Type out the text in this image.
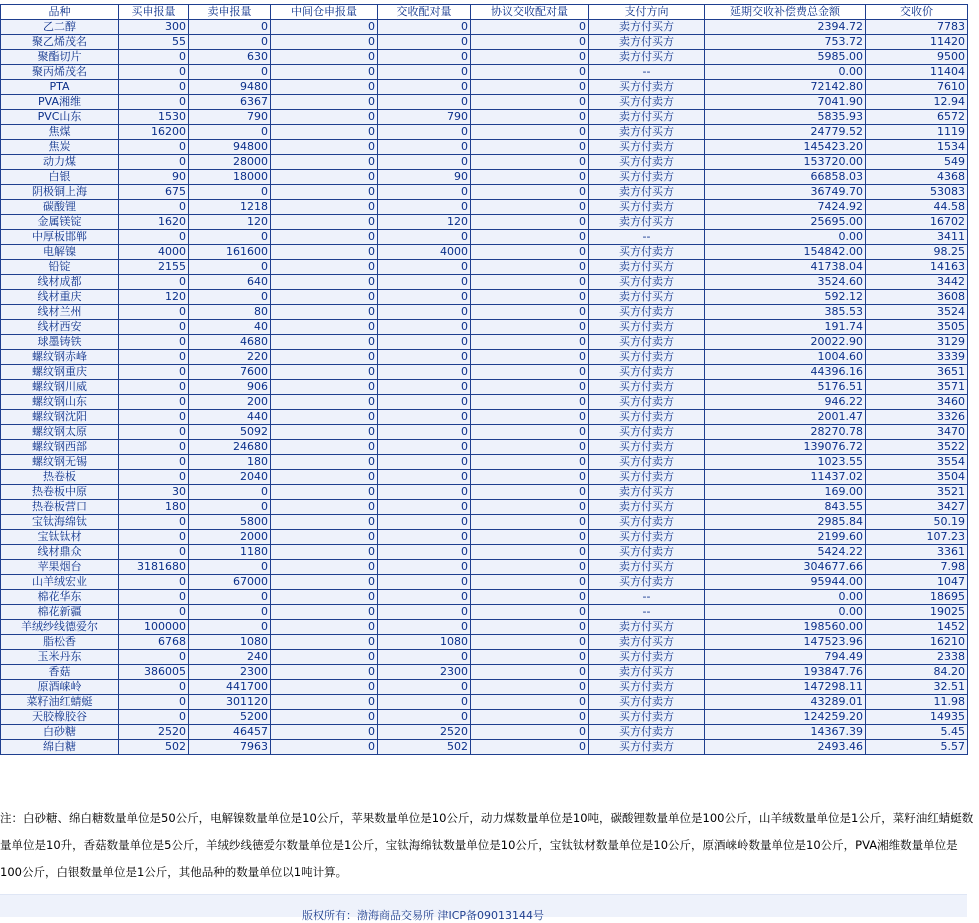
品种	买申报量	卖申报量	中间仓申报量	交收配对量	协议交收配对量	支付方向	延期交收补偿费总金额	交收价
乙二醇	300	0	0	0	0	卖方付买方	2394.72	7783
聚乙烯茂名	55	0	0	0	0	卖方付买方	753.72	11420
聚酯切片	0	630	0	0	0	卖方付买方	5985.00	9500
聚丙烯茂名	0	0	0	0	0	--	0.00	11404
PTA	0	9480	0	0	0	买方付卖方	72142.80	7610
PVA湘维	0	6367	0	0	0	买方付卖方	7041.90	12.94
PVC山东	1530	790	0	790	0	卖方付买方	5835.93	6572
焦煤	16200	0	0	0	0	卖方付买方	24779.52	1119
焦炭	0	94800	0	0	0	买方付卖方	145423.20	1534
动力煤	0	28000	0	0	0	买方付卖方	153720.00	549
白银	90	18000	0	90	0	买方付卖方	66858.03	4368
阴极铜上海	675	0	0	0	0	卖方付买方	36749.70	53083
碳酸锂	0	1218	0	0	0	买方付卖方	7424.92	44.58
金属镁锭	1620	120	0	120	0	卖方付买方	25695.00	16702
中厚板邯郸	0	0	0	0	0	--	0.00	3411
电解镍	4000	161600	0	4000	0	买方付卖方	154842.00	98.25
铅锭	2155	0	0	0	0	卖方付买方	41738.04	14163
线材成都	0	640	0	0	0	买方付卖方	3524.60	3442
线材重庆	120	0	0	0	0	卖方付买方	592.12	3608
线材兰州	0	80	0	0	0	买方付卖方	385.53	3524
线材西安	0	40	0	0	0	买方付卖方	191.74	3505
球墨铸铁	0	4680	0	0	0	买方付卖方	20022.90	3129
螺纹钢赤峰	0	220	0	0	0	买方付卖方	1004.60	3339
螺纹钢重庆	0	7600	0	0	0	买方付卖方	44396.16	3651
螺纹钢川威	0	906	0	0	0	买方付卖方	5176.51	3571
螺纹钢山东	0	200	0	0	0	买方付卖方	946.22	3460
螺纹钢沈阳	0	440	0	0	0	买方付卖方	2001.47	3326
螺纹钢太原	0	5092	0	0	0	买方付卖方	28270.78	3470
螺纹钢西部	0	24680	0	0	0	买方付卖方	139076.72	3522
螺纹钢无锡	0	180	0	0	0	买方付卖方	1023.55	3554
热卷板	0	2040	0	0	0	买方付卖方	11437.02	3504
热卷板中原	30	0	0	0	0	卖方付买方	169.00	3521
热卷板营口	180	0	0	0	0	卖方付买方	843.55	3427
宝钛海绵钛	0	5800	0	0	0	买方付卖方	2985.84	50.19
宝钛钛材	0	2000	0	0	0	买方付卖方	2199.60	107.23
线材鼎众	0	1180	0	0	0	买方付卖方	5424.22	3361
苹果烟台	3181680	0	0	0	0	卖方付买方	304677.66	7.98
山羊绒宏业	0	67000	0	0	0	买方付卖方	95944.00	1047
棉花华东	0	0	0	0	0	--	0.00	18695
棉花新疆	0	0	0	0	0	--	0.00	19025
羊绒纱线德爱尔	100000	0	0	0	0	卖方付买方	198560.00	1452
脂松香	6768	1080	0	1080	0	卖方付买方	147523.96	16210
玉米丹东	0	240	0	0	0	买方付卖方	794.49	2338
香菇	386005	2300	0	2300	0	卖方付买方	193847.76	84.20
原酒崃岭	0	441700	0	0	0	买方付卖方	147298.11	32.51
菜籽油红蜻蜓	0	301120	0	0	0	买方付卖方	43289.01	11.98
天胶橡胶谷	0	5200	0	0	0	买方付卖方	124259.20	14935
白砂糖	2520	46457	0	2520	0	买方付卖方	14367.39	5.45
绵白糖	502	7963	0	502	0	买方付卖方	2493.46	5.57
注：白砂糖、绵白糖数量单位是50公斤，电解镍数量单位是10公斤，苹果数量单位是10公斤，动力煤数量单位是10吨，碳酸锂数量单位是100公斤，山羊绒数量单位是1公斤，菜籽油红蜻蜓数量单位是10升，香菇数量单位是5公斤，羊绒纱线德爱尔数量单位是1公斤，宝钛海绵钛数量单位是10公斤，宝钛钛材数量单位是10公斤，原酒崃岭数量单位是10公斤，PVA湘维数量单位是100公斤，白银数量单位是1公斤，其他品种的数量单位以1吨计算。
版权所有：渤海商品交易所 津ICP备09013144号
